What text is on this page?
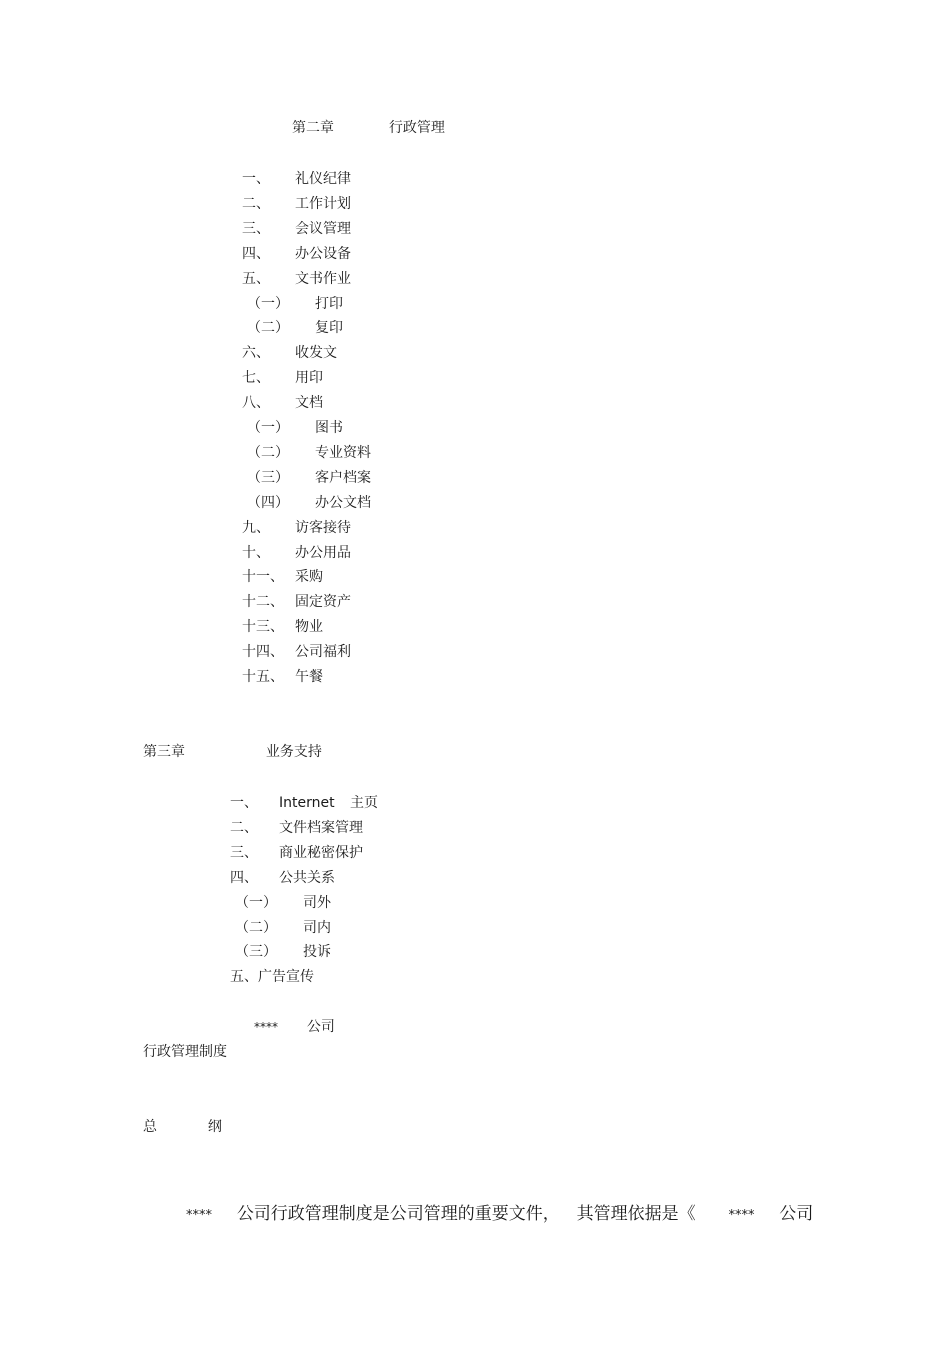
第二章	行政管理
一、 礼仪纪律
二、 工作计划
三、 会议管理
四、 办公设备
五、 文书作业
（一） 打印
（二） 复印
六、 收发文
七、 用印
八、 文档
（一） 图书
（二） 专业资料
（三） 客户档案
（四） 办公文档
九、 访客接待
十、 办公用品
十一、 采购
十二、 固定资产
十三、 物业
十四、 公司福利
十五、 午餐
第三章	业务支持
一、 Internet 主页
二、 文件档案管理
三、 商业秘密保护
四、 公共关系
（一） 司外
（二） 司内
（三） 投诉
五、广告宣传
**** 公司
行政管理制度
总	纲
**** 公司行政管理制度是公司管理的重要文件， 其管理依据是《	**** 公司
